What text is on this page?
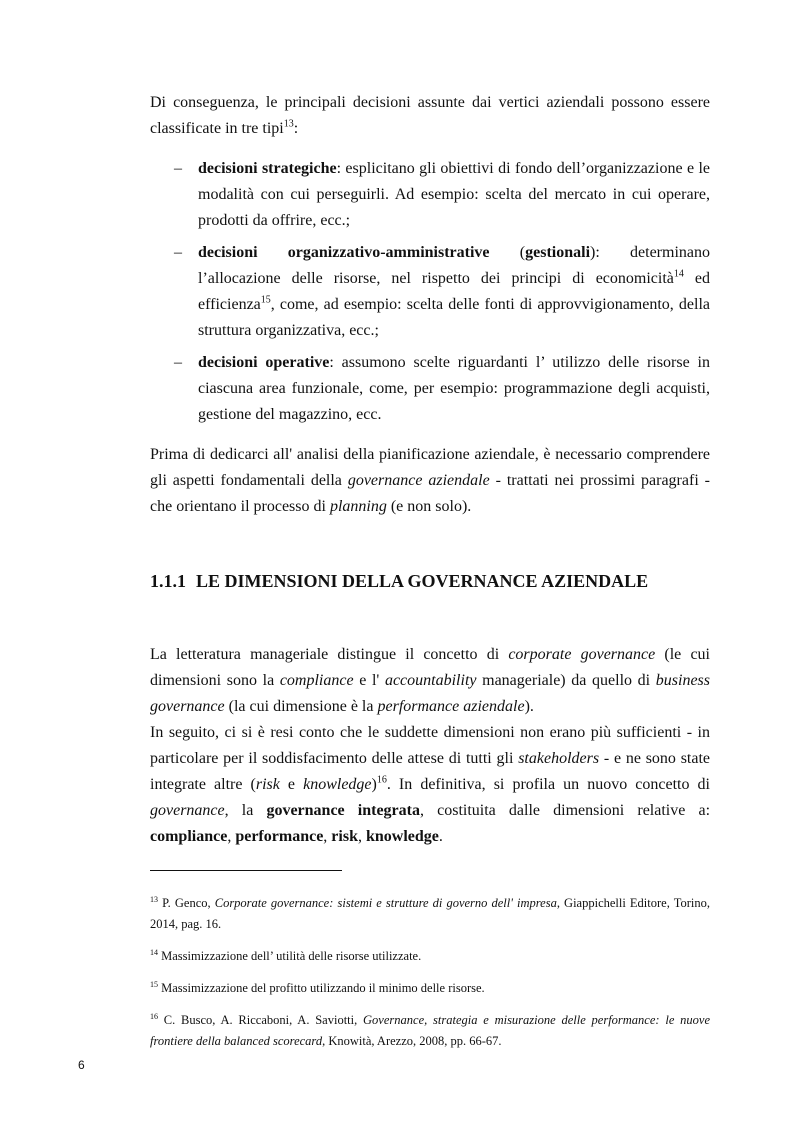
Di conseguenza, le principali decisioni assunte dai vertici aziendali possono essere classificate in tre tipi$^{13}$:

– decisioni strategiche: esplicitano gli obiettivi di fondo dell’organizzazione e le modalità con cui perseguirli. Ad esempio: scelta del mercato in cui operare, prodotti da offrire, ecc.;
– decisioni organizzativo-amministrative (gestionali): determinano l’allocazione delle risorse, nel rispetto dei principi di economicità$^{14}$ ed efficienza$^{15}$, come, ad esempio: scelta delle fonti di approvvigionamento, della struttura organizzativa, ecc.;
– decisioni operative: assumono scelte riguardanti l’ utilizzo delle risorse in ciascuna area funzionale, come, per esempio: programmazione degli acquisti, gestione del magazzino, ecc.

Prima di dedicarci all' analisi della pianificazione aziendale, è necessario comprendere gli aspetti fondamentali della governance aziendale - trattati nei prossimi paragrafi - che orientano il processo di planning (e non solo).

1.1.1 LE DIMENSIONI DELLA GOVERNANCE AZIENDALE

La letteratura manageriale distingue il concetto di corporate governance (le cui dimensioni sono la compliance e l' accountability manageriale) da quello di business governance (la cui dimensione è la performance aziendale).

In seguito, ci si è resi conto che le suddette dimensioni non erano più sufficienti - in particolare per il soddisfacimento delle attese di tutti gli stakeholders - e ne sono state integrate altre (risk e knowledge)$^{16}$. In definitiva, si profila un nuovo concetto di governance, la governance integrata, costituita dalle dimensioni relative a: compliance, performance, risk, knowledge.

$^{13}$ P. Genco, Corporate governance: sistemi e strutture di governo dell' impresa, Giappichelli Editore, Torino, 2014, pag. 16.

$^{14}$ Massimizzazione dell’ utilità delle risorse utilizzate.

$^{15}$ Massimizzazione del profitto utilizzando il minimo delle risorse.

$^{16}$ C. Busco, A. Riccaboni, A. Saviotti, Governance, strategia e misurazione delle performance: le nuove frontiere della balanced scorecard, Knowità, Arezzo, 2008, pp. 66-67.

6
